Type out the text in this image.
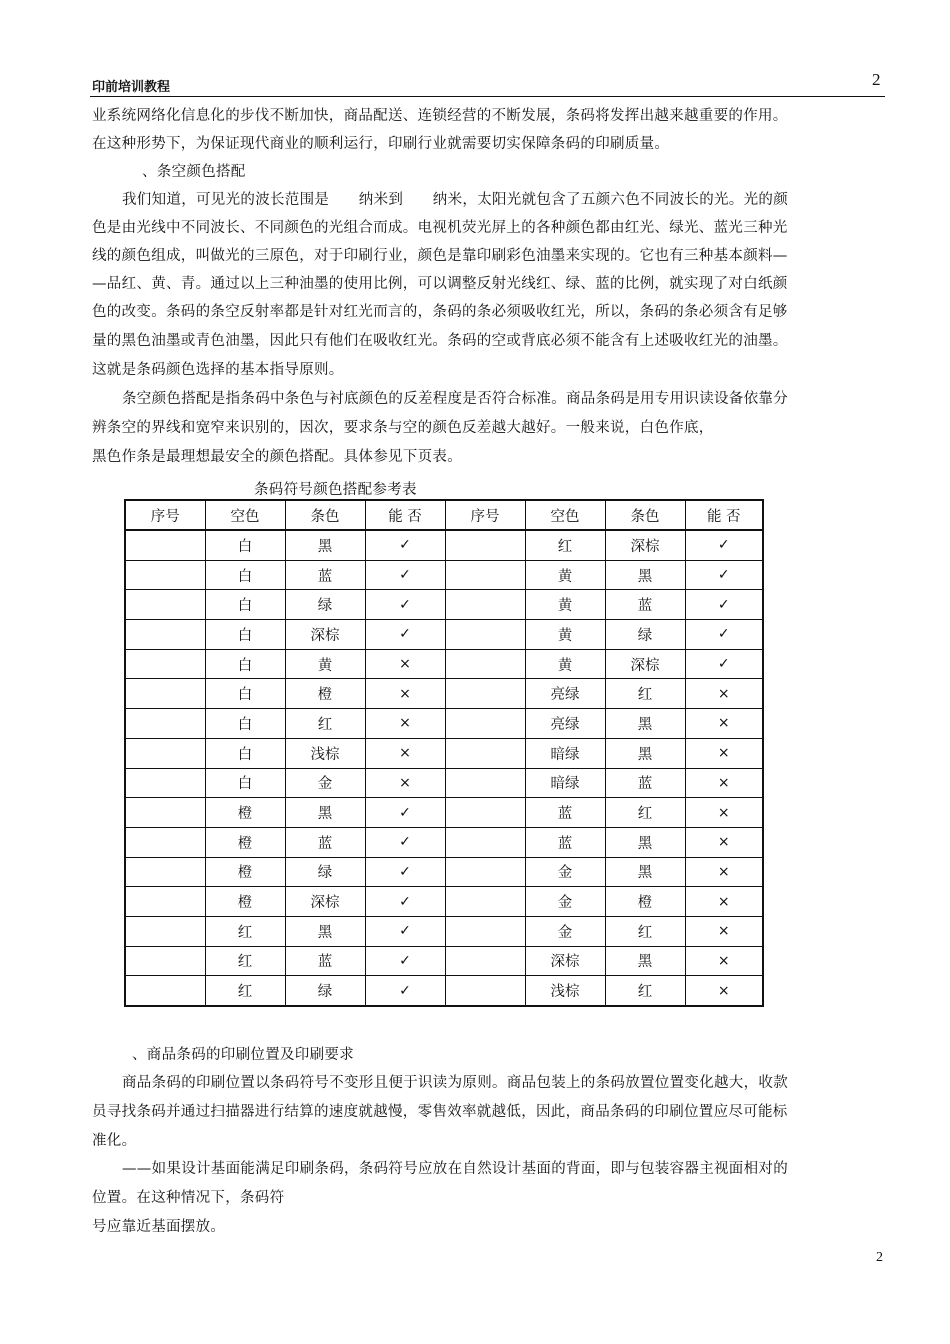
印前培训教程	2
业系统网络化信息化的步伐不断加快，商品配送、连锁经营的不断发展，条码将发挥出越来越重要的作用。
在这种形势下，为保证现代商业的顺利运行，印刷行业就需要切实保障条码的印刷质量。
、条空颜色搭配
我们知道，可见光的波长范围是　　纳米到　　纳米，太阳光就包含了五颜六色不同波长的光。光的颜
色是由光线中不同波长、不同颜色的光组合而成。电视机荧光屏上的各种颜色都由红光、绿光、蓝光三种光
线的颜色组成，叫做光的三原色，对于印刷行业，颜色是靠印刷彩色油墨来实现的。它也有三种基本颜料—
—品红、黄、青。通过以上三种油墨的使用比例，可以调整反射光线红、绿、蓝的比例，就实现了对白纸颜
色的改变。条码的条空反射率都是针对红光而言的，条码的条必须吸收红光，所以，条码的条必须含有足够
量的黑色油墨或青色油墨，因此只有他们在吸收红光。条码的空或背底必须不能含有上述吸收红光的油墨。
这就是条码颜色选择的基本指导原则。
条空颜色搭配是指条码中条色与衬底颜色的反差程度是否符合标准。商品条码是用专用识读设备依靠分
辨条空的界线和宽窄来识别的，因次，要求条与空的颜色反差越大越好。一般来说，白色作底，
黑色作条是最理想最安全的颜色搭配。具体参见下页表。
条码符号颜色搭配参考表
序号	空色	条色	能 否	序号	空色	条色	能 否
	白	黑	✓		红	深棕	✓
	白	蓝	✓		黄	黑	✓
	白	绿	✓		黄	蓝	✓
	白	深棕	✓		黄	绿	✓
	白	黄	×		黄	深棕	✓
	白	橙	×		亮绿	红	×
	白	红	×		亮绿	黑	×
	白	浅棕	×		暗绿	黑	×
	白	金	×		暗绿	蓝	×
	橙	黑	✓		蓝	红	×
	橙	蓝	✓		蓝	黑	×
	橙	绿	✓		金	黑	×
	橙	深棕	✓		金	橙	×
	红	黑	✓		金	红	×
	红	蓝	✓		深棕	黑	×
	红	绿	✓		浅棕	红	×
、商品条码的印刷位置及印刷要求
商品条码的印刷位置以条码符号不变形且便于识读为原则。商品包装上的条码放置位置变化越大，收款
员寻找条码并通过扫描器进行结算的速度就越慢，零售效率就越低，因此，商品条码的印刷位置应尽可能标
准化。
——如果设计基面能满足印刷条码，条码符号应放在自然设计基面的背面，即与包装容器主视面相对的
位置。在这种情况下，条码符
号应靠近基面摆放。
2
